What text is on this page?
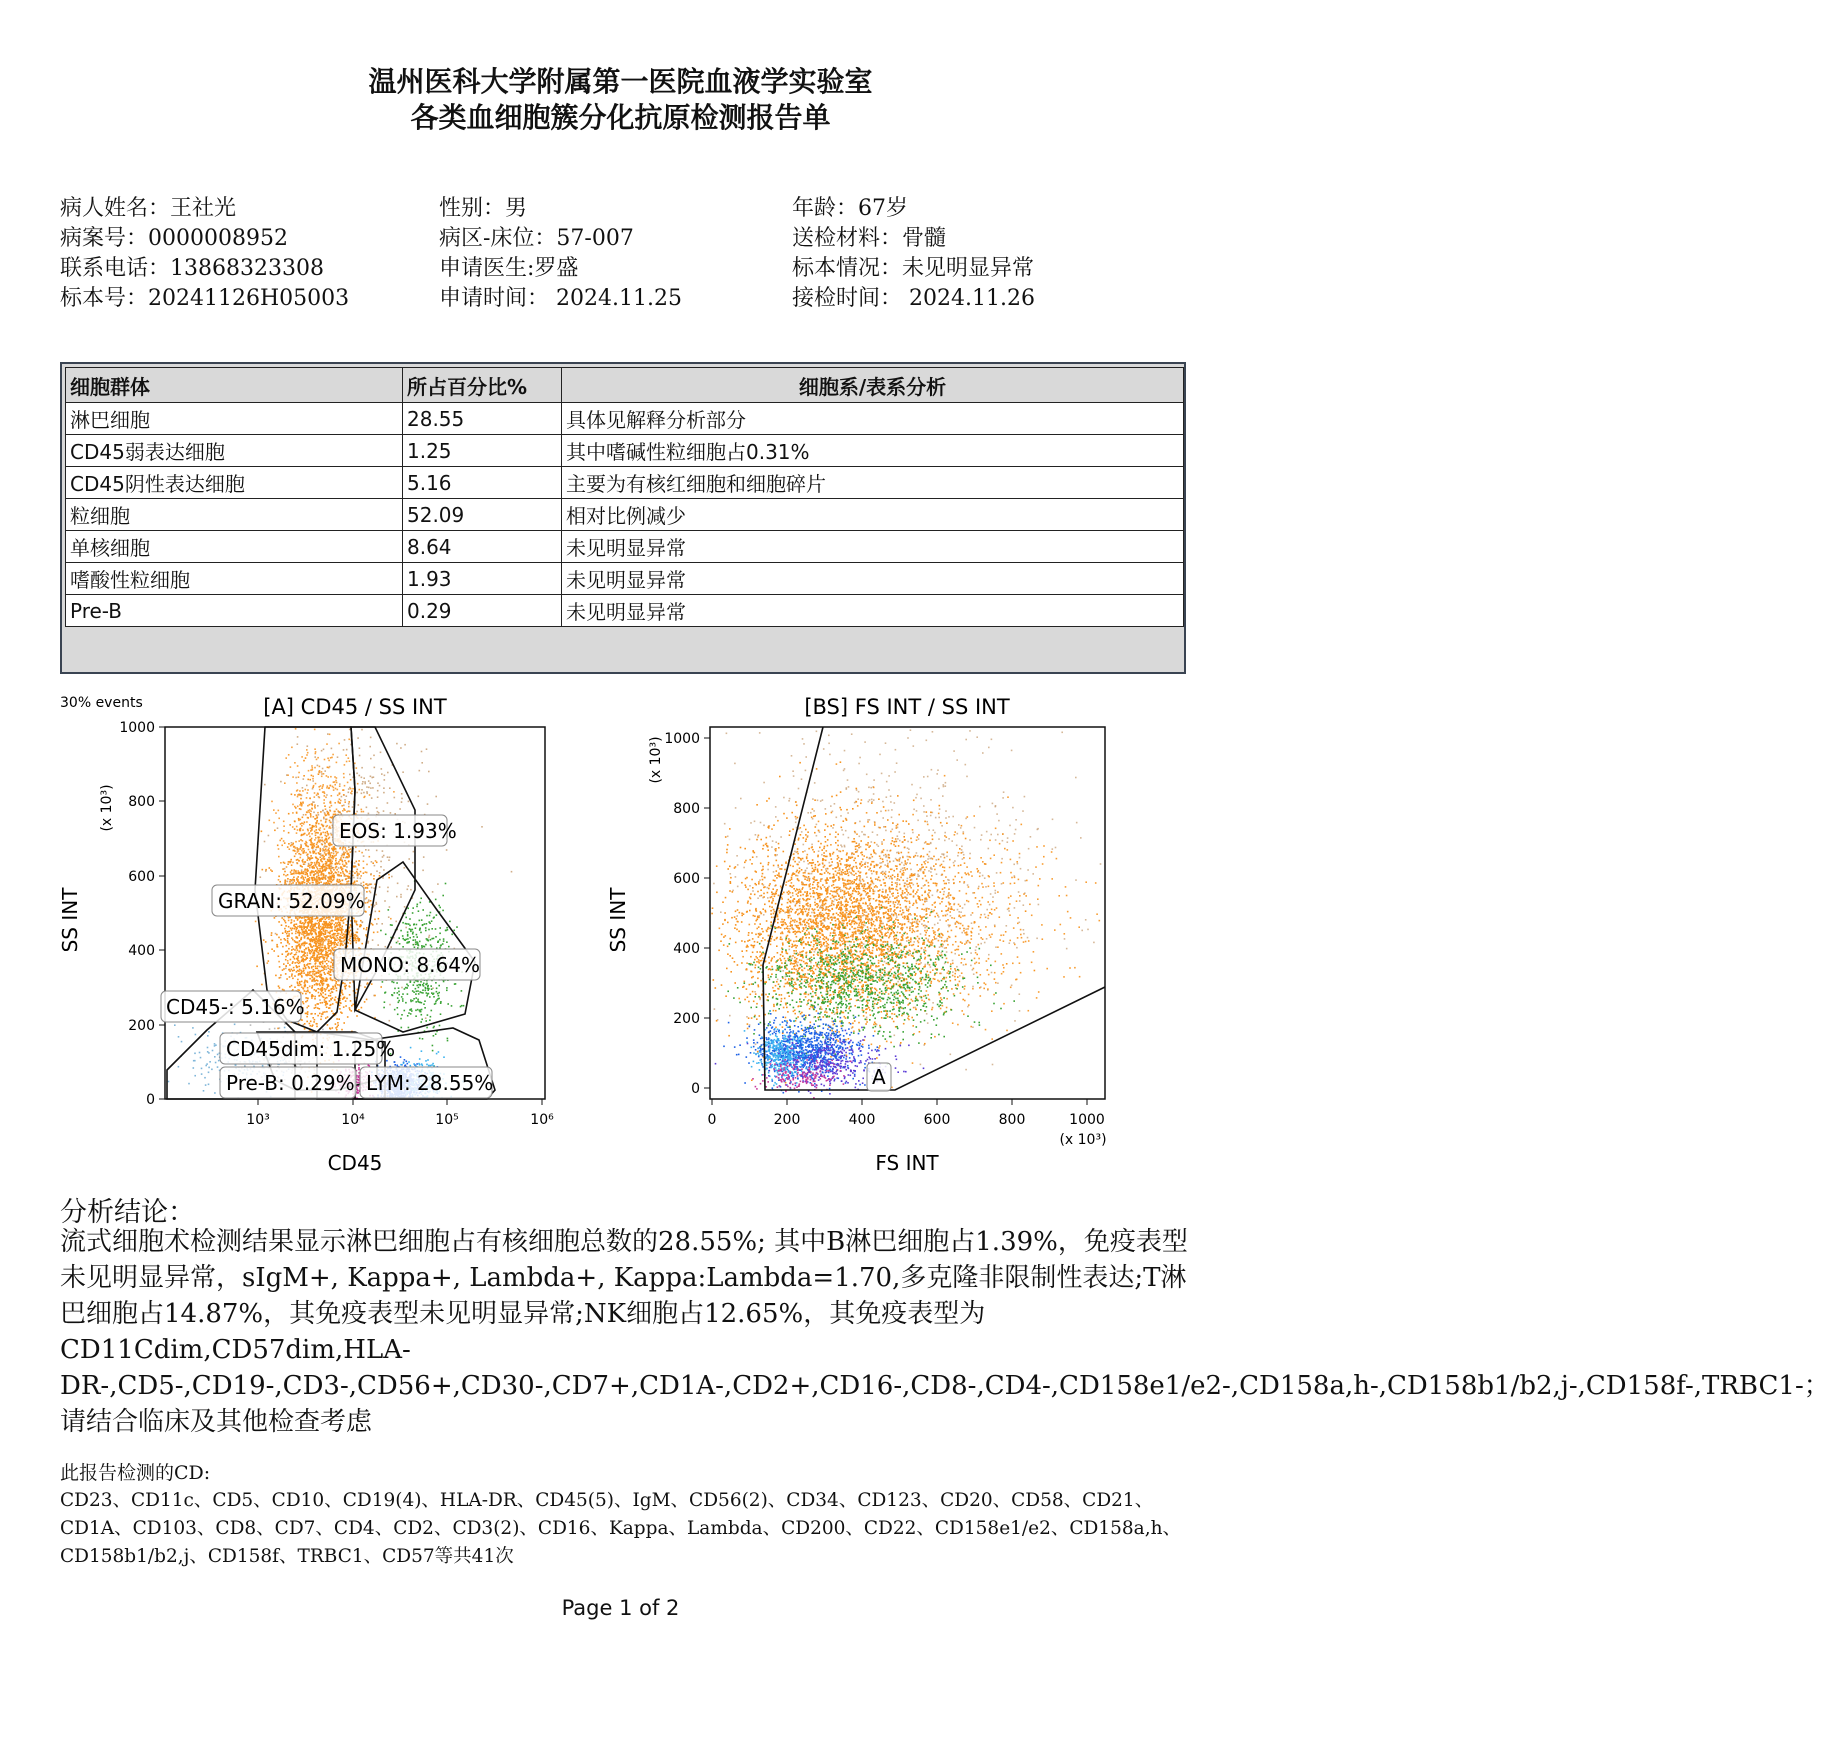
温州医科大学附属第一医院血液学实验室
各类血细胞簇分化抗原检测报告单
病人姓名：王社光	性别：男	年龄：67岁
病案号：0000008952	病区-床位：57-007	送检材料：骨髓
联系电话：13868323308	申请医生:罗盛	标本情况：未见明显异常
标本号：20241126H05003	申请时间： 2024.11.25	接检时间： 2024.11.26
细胞群体	所占百分比%	细胞系/表系分析
淋巴细胞	28.55	具体见解释分析部分
CD45弱表达细胞	1.25	其中嗜碱性粒细胞占0.31%
CD45阴性表达细胞	5.16	主要为有核红细胞和细胞碎片
粒细胞	52.09	相对比例减少
单核细胞	8.64	未见明显异常
嗜酸性粒细胞	1.93	未见明显异常
Pre-B	0.29	未见明显异常
30% events	[A] CD45 / SS INT
EOS: 1.93%
GRAN: 52.09%
MONO: 8.64%
CD45-: 5.16%
CD45dim: 1.25%
Pre-B: 0.29% LYM: 28.55%
0
200
400
600
800
1000
(x 10³)
SS INT
10³	10⁴	10⁵	10⁶
CD45
[BS] FS INT / SS INT
A
0
200
400
600
800
1000
(x 10³)
SS INT
0	200	400	600	800	1000
(x 10³)
FS INT
分析结论：
流式细胞术检测结果显示淋巴细胞占有核细胞总数的28.55%; 其中B淋巴细胞占1.39%，免疫表型未见明显异常，sIgM+, Kappa+, Lambda+, Kappa:Lambda=1.70,多克隆非限制性表达;T淋巴细胞占14.87%，其免疫表型未见明显异常;NK细胞占12.65%，其免疫表型为CD11Cdim,CD57dim,HLA-DR-,CD5-,CD19-,CD3-,CD56+,CD30-,CD7+,CD1A-,CD2+,CD16-,CD8-,CD4-,CD158e1/e2-,CD158a,h-,CD158b1/b2,j-,CD158f-,TRBC1-；请结合临床及其他检查考虑
此报告检测的CD:
CD23、CD11c、CD5、CD10、CD19(4)、HLA-DR、CD45(5)、IgM、CD56(2)、CD34、CD123、CD20、CD58、CD21、CD1A、CD103、CD8、CD7、CD4、CD2、CD3(2)、CD16、Kappa、Lambda、CD200、CD22、CD158e1/e2、CD158a,h、CD158b1/b2,j、CD158f、TRBC1、CD57等共41次
Page 1 of 2
